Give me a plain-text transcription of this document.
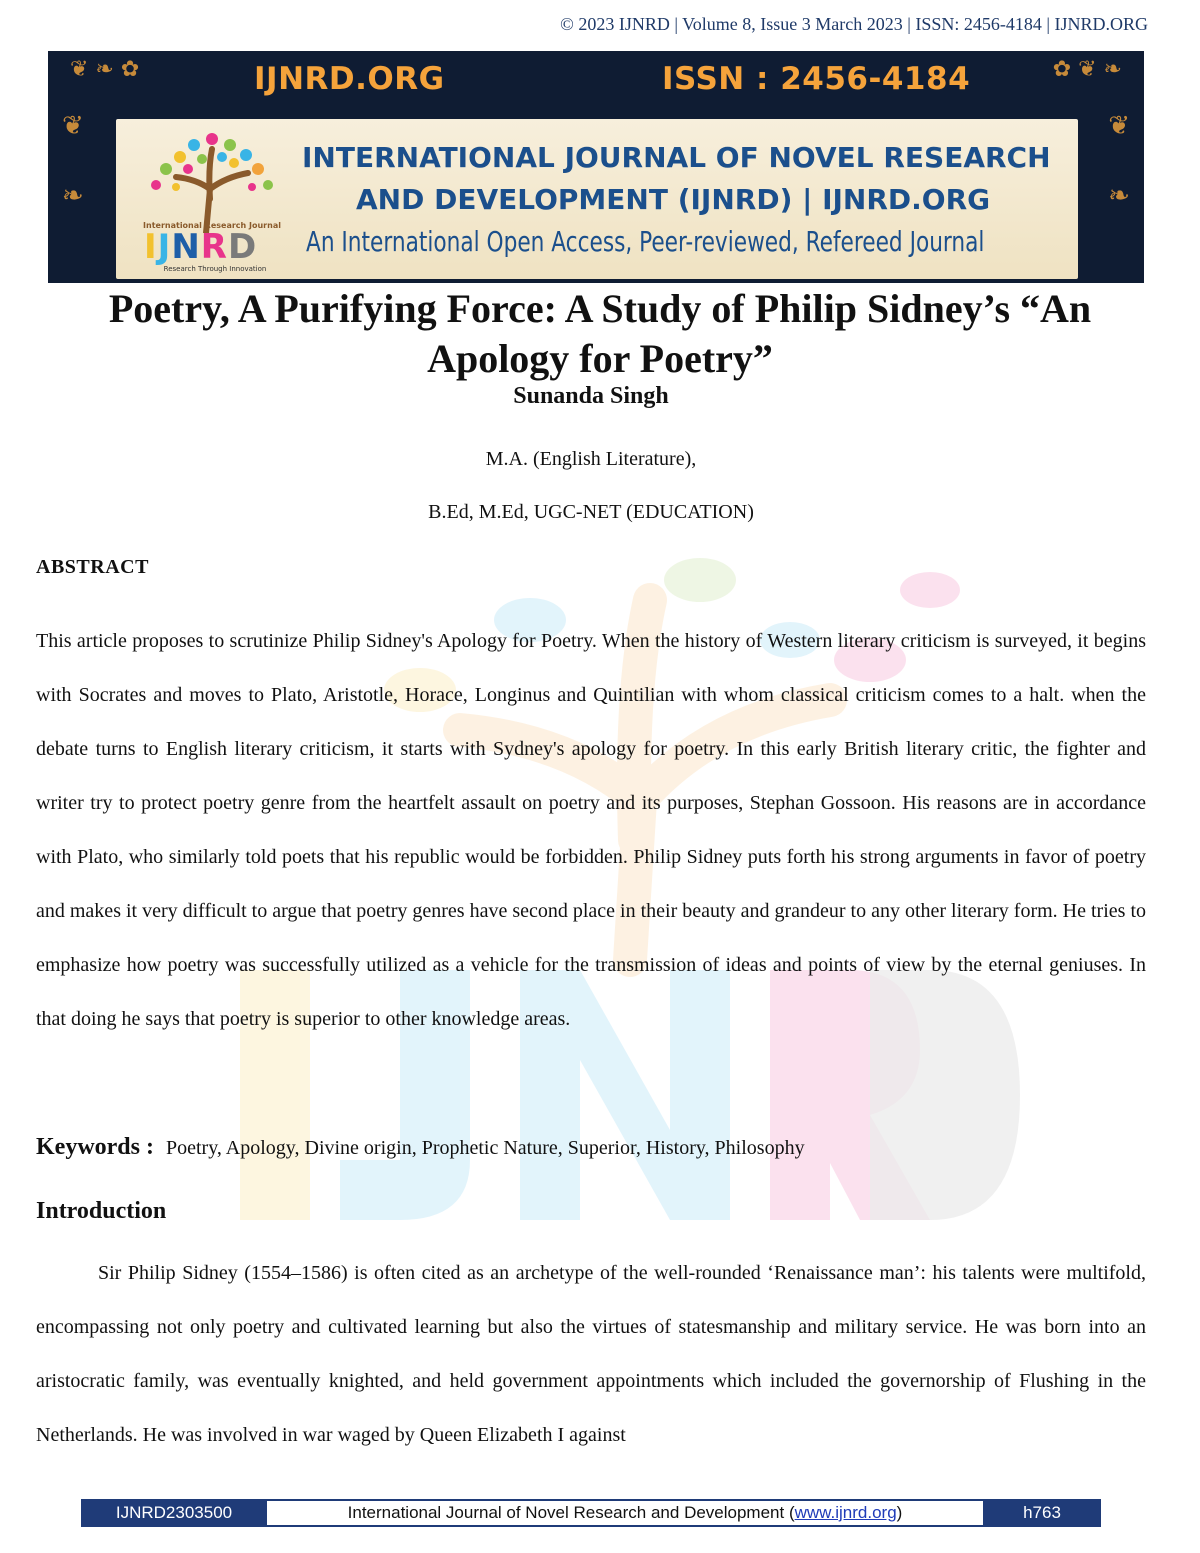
© 2023 IJNRD | Volume 8, Issue 3 March 2023 | ISSN: 2456-4184 | IJNRD.ORG
❦ ❧ ✿
❦
❧
✿ ❦ ❧
❦
❧
IJNRD.ORG	ISSN : 2456-4184
International Research Journal
IJNRD
Research Through Innovation
INTERNATIONAL JOURNAL OF NOVEL RESEARCH
AND DEVELOPMENT (IJNRD) | IJNRD.ORG
An International Open Access, Peer-reviewed, Refereed Journal
Poetry, A Purifying Force: A Study of Philip Sidney’s “An Apology for Poetry”
Sunanda Singh
M.A. (English Literature),
B.Ed, M.Ed, UGC-NET (EDUCATION)
ABSTRACT

This article proposes to scrutinize Philip Sidney's Apology for Poetry. When the history of Western literary criticism is surveyed, it begins with Socrates and moves to Plato, Aristotle, Horace, Longinus and Quintilian with whom classical criticism comes to a halt. when the debate turns to English literary criticism, it starts with Sydney's apology for poetry. In this early British literary critic, the fighter and writer try to protect poetry genre from the heartfelt assault on poetry and its purposes, Stephan Gossoon. His reasons are in accordance with Plato, who similarly told poets that his republic would be forbidden. Philip Sidney puts forth his strong arguments in favor of poetry and makes it very difficult to argue that poetry genres have second place in their beauty and grandeur to any other literary form. He tries to emphasize how poetry was successfully utilized as a vehicle for the transmission of ideas and points of view by the eternal geniuses. In that doing he says that poetry is superior to other knowledge areas.

Keywords : Poetry, Apology, Divine origin, Prophetic Nature, Superior, History, Philosophy
Introduction

Sir Philip Sidney (1554–1586) is often cited as an archetype of the well-rounded ‘Renaissance man’: his talents were multifold, encompassing not only poetry and cultivated learning but also the virtues of statesmanship and military service. He was born into an aristocratic family, was eventually knighted, and held government appointments which included the governorship of Flushing in the Netherlands. He was involved in war waged by Queen Elizabeth I against

IJNRD2303500	International Journal of Novel Research and Development ( www.ijnrd.org )	h763
